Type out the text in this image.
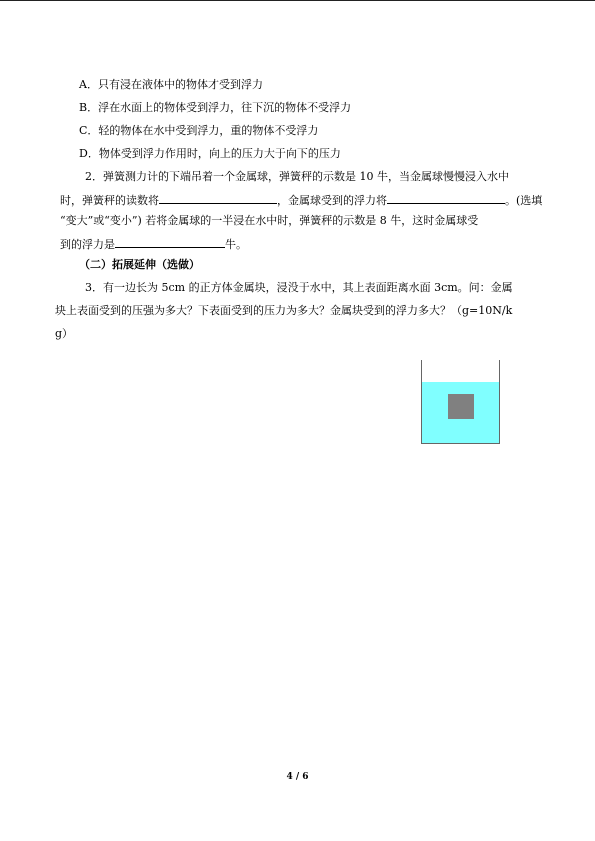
A．只有浸在液体中的物体才受到浮力
B．浮在水面上的物体受到浮力，往下沉的物体不受浮力
C．轻的物体在水中受到浮力，重的物体不受浮力
D．物体受到浮力作用时，向上的压力大于向下的压力
2．弹簧测力计的下端吊着一个金属球，弹簧秤的示数是 10 牛，当金属球慢慢浸入水中
时，弹簧秤的读数将	，金属球受到的浮力将	。(选填
“变大”或“变小”) 若将金属球的一半浸在水中时，弹簧秤的示数是 8 牛，这时金属球受
到的浮力是	牛。
（二）拓展延伸（选做）
3．有一边长为 5cm 的正方体金属块，浸没于水中，其上表面距离水面 3cm。问：金属
块上表面受到的压强为多大？下表面受到的压力为多大？金属块受到的浮力多大？（g=10N/k
g）
4 / 6
